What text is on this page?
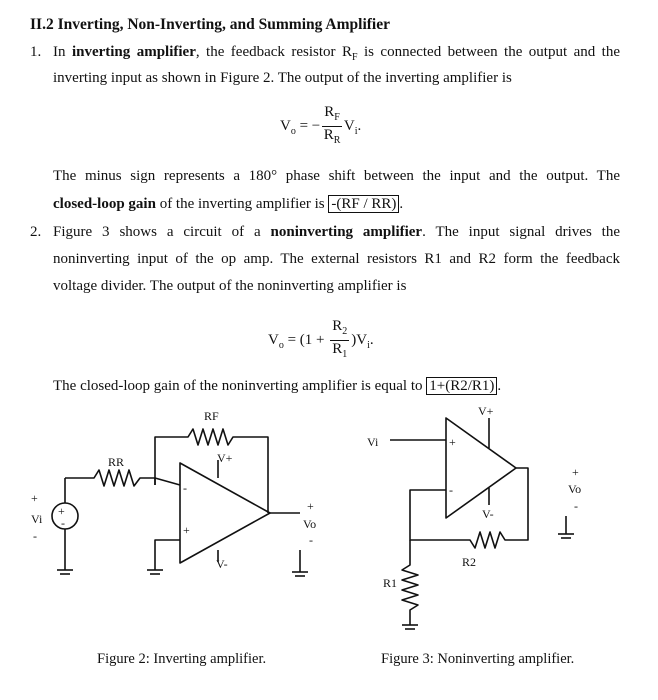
II.2 Inverting, Non-Inverting, and Summing Amplifier
1. In inverting amplifier, the feedback resistor $R_F$ is connected between the output and the
inverting input as shown in Figure 2. The output of the inverting amplifier is
$V_o$ = − $\frac{R_F}{R_R} V_i$.
The minus sign represents a 180° phase shift between the input and the output. The
closed-loop gain of the inverting amplifier is -(RF / RR) .
2. Figure 3 shows a circuit of a noninverting amplifier. The input signal drives the
noninverting input of the op amp. The external resistors R1 and R2 form the feedback
voltage divider. The output of the noninverting amplifier is
$V_o = (1 + \frac{R_2}{R_1} )V_i$.
The closed-loop gain of the noninverting amplifier is equal to 1+(R2/R1) .
+
-
-
+
+
-
RF
RR	V+
V-
+
Vi
-
+
Vo
-
Vi
V+
V-
+
Vo
-
R2
R1
Figure 2: Inverting amplifier.	Figure 3: Noninverting amplifier.
